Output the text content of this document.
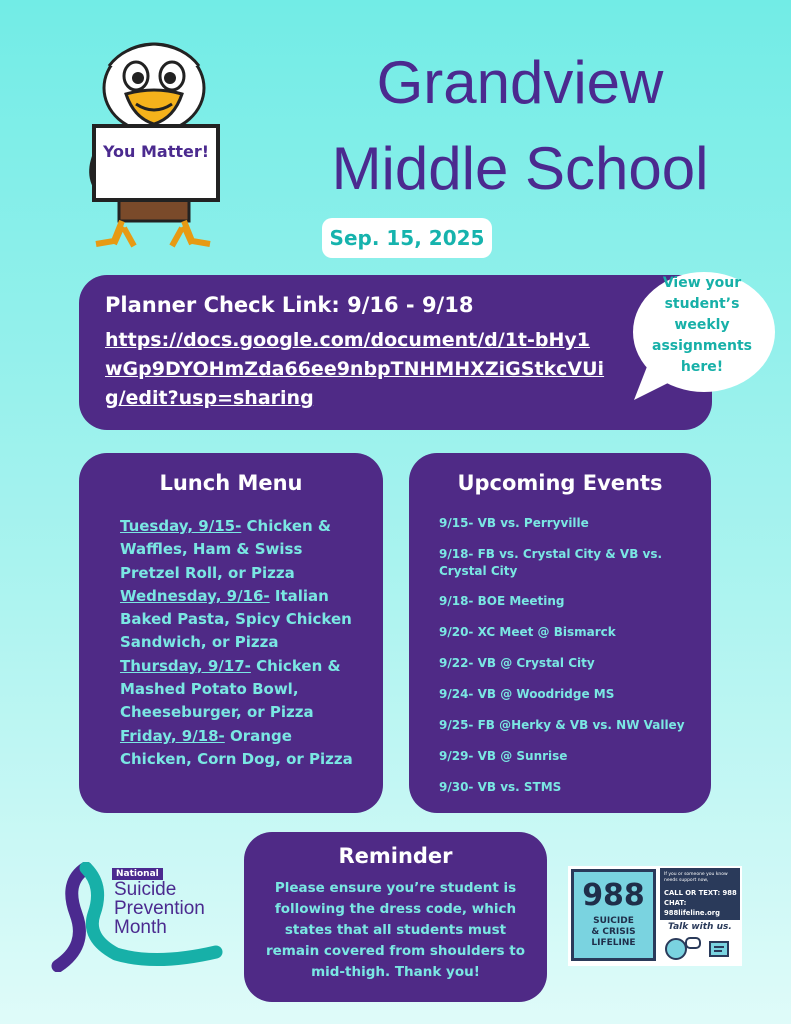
Grandview
Middle School
Sep. 15, 2025
You Matter!
Planner Check Link: 9/16 - 9/18
https://docs.google.com/document/d/1t-bHy1wGp9DYOHmZda66ee9nbpTNHMHXZiGStkcVUig/edit?usp=sharing
View your student’s weekly assignments here!
Lunch Menu
Tuesday, 9/15- Chicken & Waffles, Ham & Swiss Pretzel Roll, or Pizza
Wednesday, 9/16- Italian Baked Pasta, Spicy Chicken Sandwich, or Pizza
Thursday, 9/17- Chicken & Mashed Potato Bowl, Cheeseburger, or Pizza
Friday, 9/18- Orange Chicken, Corn Dog, or Pizza
Upcoming Events
9/15- VB vs. Perryville
9/18- FB vs. Crystal City & VB vs. Crystal City
9/18- BOE Meeting
9/20- XC Meet @ Bismarck
9/22- VB @ Crystal City
9/24- VB @ Woodridge MS
9/25- FB @Herky & VB vs. NW Valley
9/29- VB @ Sunrise
9/30- VB vs. STMS
Reminder
Please ensure you’re student is following the dress code, which states that all students must remain covered from shoulders to mid-thigh. Thank you!
National
Suicide
Prevention
Month
988
SUICIDE
& CRISIS
LIFELINE
If you or someone you know
needs support now,
CALL OR TEXT: 988
CHAT: 988lifeline.org
Talk with us.
